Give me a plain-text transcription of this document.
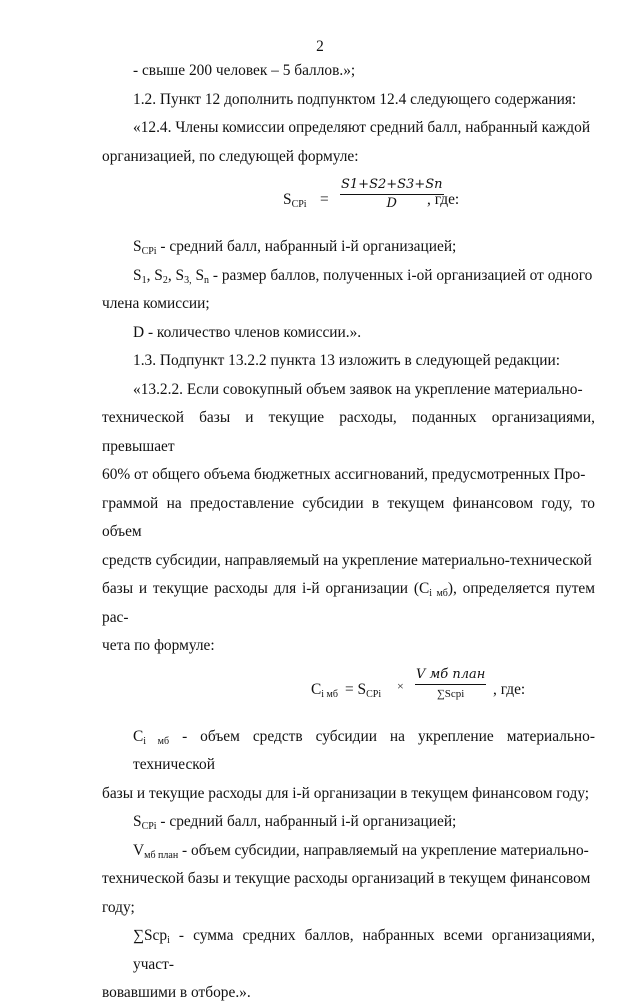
2

- свыше 200 человек – 5 баллов.»;

1.2. Пункт 12 дополнить подпунктом 12.4 следующего содержания:

«12.4. Члены комиссии определяют средний балл, набранный каждой

организацией, по следующей формуле:

$S_{CPi} = \frac{S1+S2+S3+Sn}{D}$
, где:

$S_{CPi}$ - средний балл, набранный i-й организацией;

$S_1$, $S_2$, $S_{3,}$ $S_n$ - размер баллов, полученных i-ой организацией от одного

члена комиссии;

D - количество членов комиссии.».

1.3. Подпункт 13.2.2 пункта 13 изложить в следующей редакции:

«13.2.2. Если совокупный объем заявок на укрепление материально-

технической базы и текущие расходы, поданных организациями, превышает

60% от общего объема бюджетных ассигнований, предусмотренных Про-

граммой на предоставление субсидии в текущем финансовом году, то объем

средств субсидии, направляемый на укрепление материально-технической

базы и текущие расходы для i-й организации $(C_{i мб})$, определяется путем рас-

чета по формуле:

$C_{i мб} = S_{CPi}$
×
V мб план
∑Scpi	, где:

$C_{i мб}$ - объем средств субсидии на укрепление материально-технической

базы и текущие расходы для i-й организации в текущем финансовом году;

$S_{CPi}$ - средний балл, набранный i-й организацией;

$V_{мб план}$ - объем субсидии, направляемый на укрепление материально-

технической базы и текущие расходы организаций в текущем финансовом

году;

∑Scp$_i$ - сумма средних баллов, набранных всеми организациями, участ-

вовавшими в отборе.».
